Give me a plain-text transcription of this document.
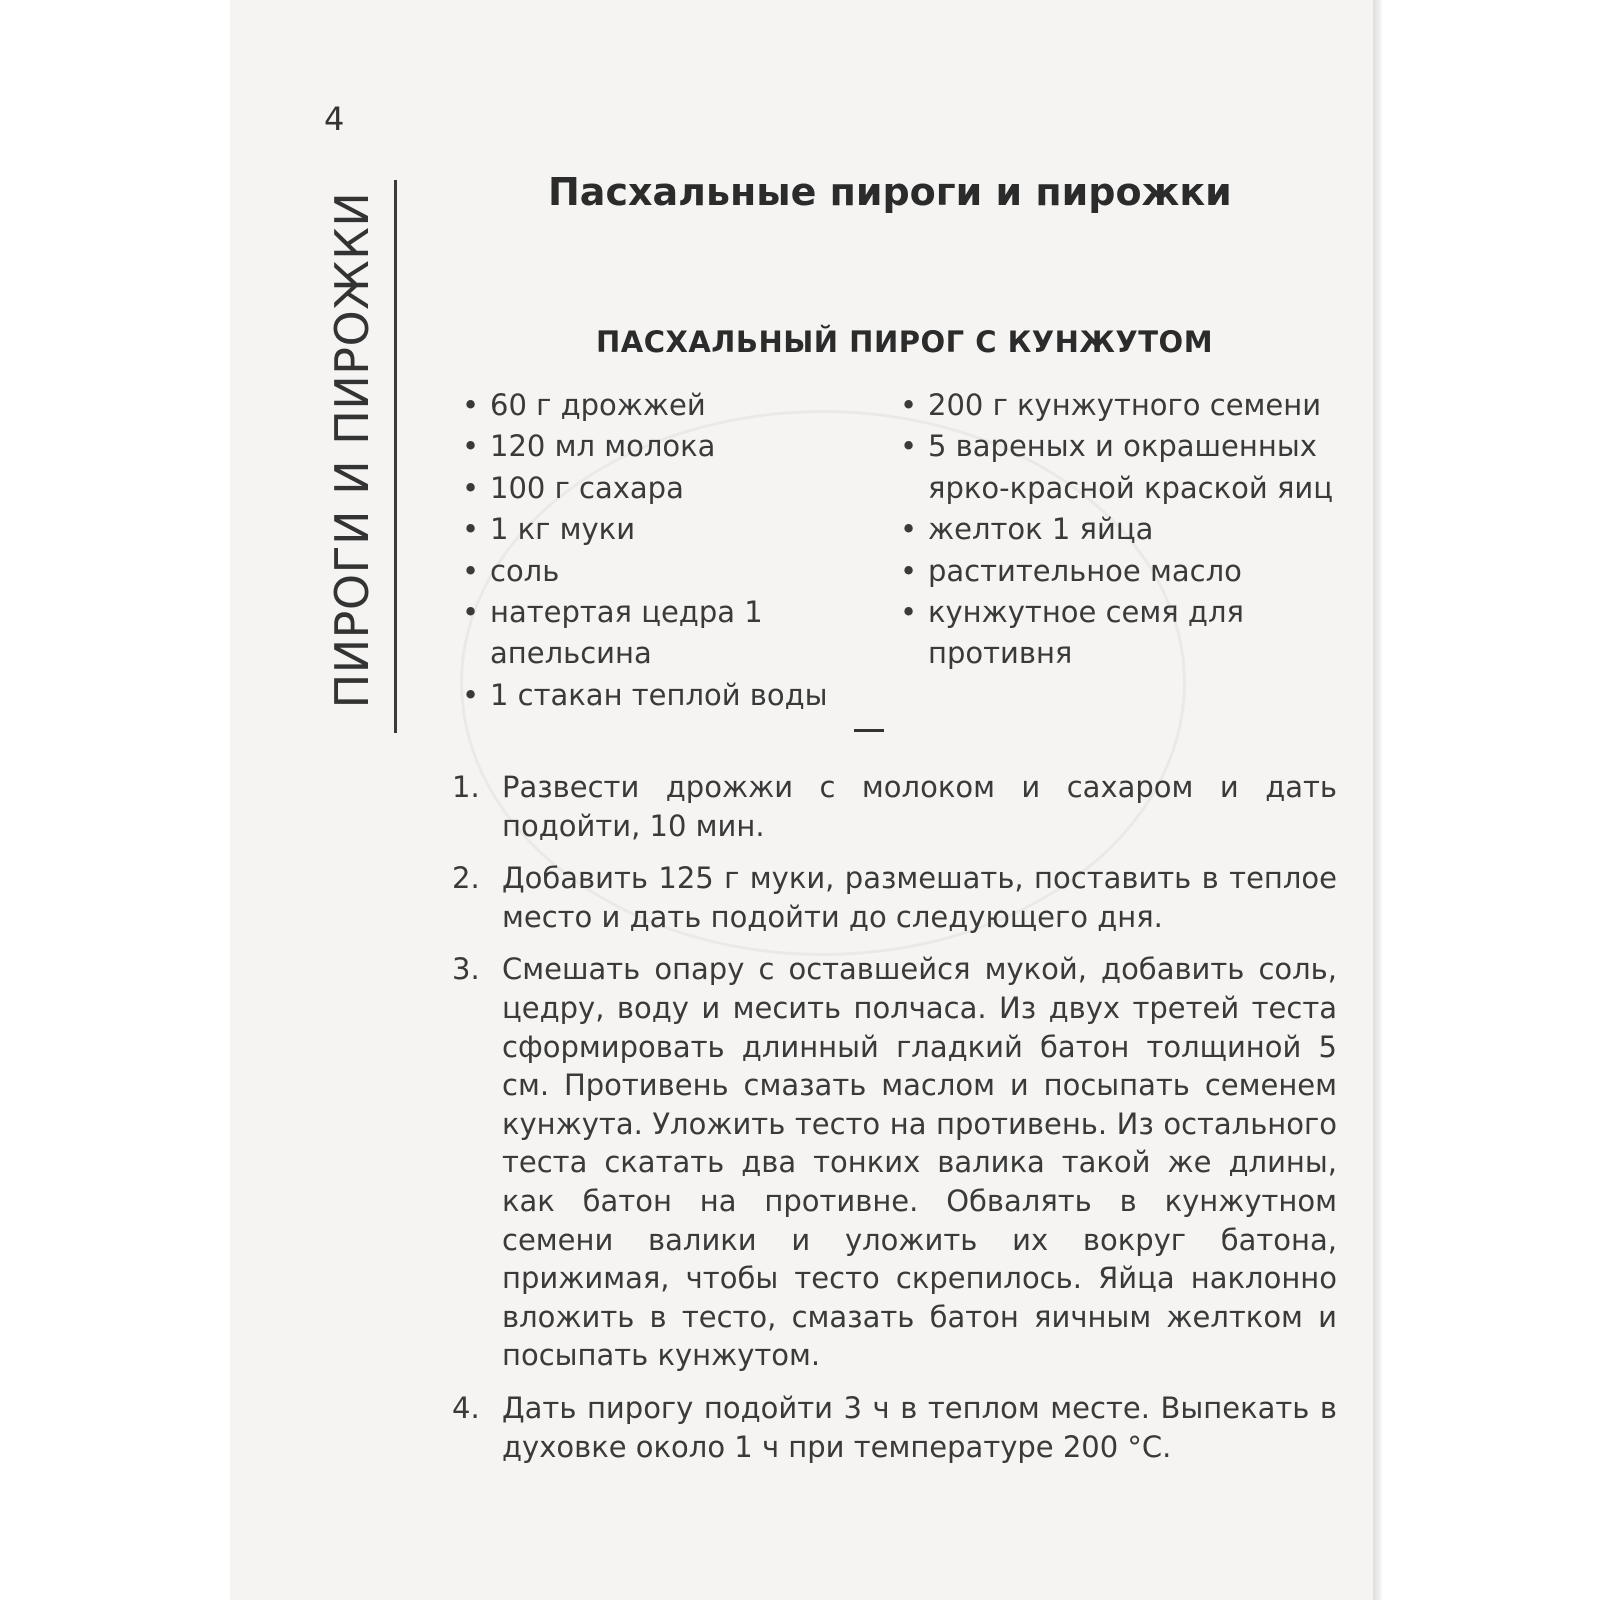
4
ПИРОГИ И ПИРОЖКИ	Пасхальные пироги и пирожки
ПАСХАЛЬНЫЙ ПИРОГ С КУНЖУТОМ
• 60 г дрожжей
• 120 мл молока
• 100 г сахара
• 1 кг муки
• соль
• натертая цедра 1 апельсина
• 1 стакан теплой воды
• 200 г кунжутного семени
• 5 вареных и окрашенных ярко-красной краской яиц
• желток 1 яйца
• растительное масло
• кунжутное семя для противня
1. Развести дрожжи с молоком и сахаром и дать подойти, 10 мин.
2. Добавить 125 г муки, размешать, поставить в теплое место и дать подойти до следующего дня.
3. Смешать опару с оставшейся мукой, добавить соль, цедру, воду и месить полчаса. Из двух третей теста сформировать длинный гладкий батон толщиной 5 см. Противень смазать маслом и посыпать семенем кунжута. Уложить тесто на противень. Из остального теста скатать два тонких валика такой же длины, как батон на противне. Обвалять в кунжутном семени валики и уложить их вокруг батона, прижимая, чтобы тесто скрепилось. Яйца наклонно вложить в тесто, смазать батон яичным желтком и посыпать кунжутом.
4. Дать пирогу подойти 3 ч в теплом месте. Выпекать в духовке около 1 ч при температуре 200 °С.
